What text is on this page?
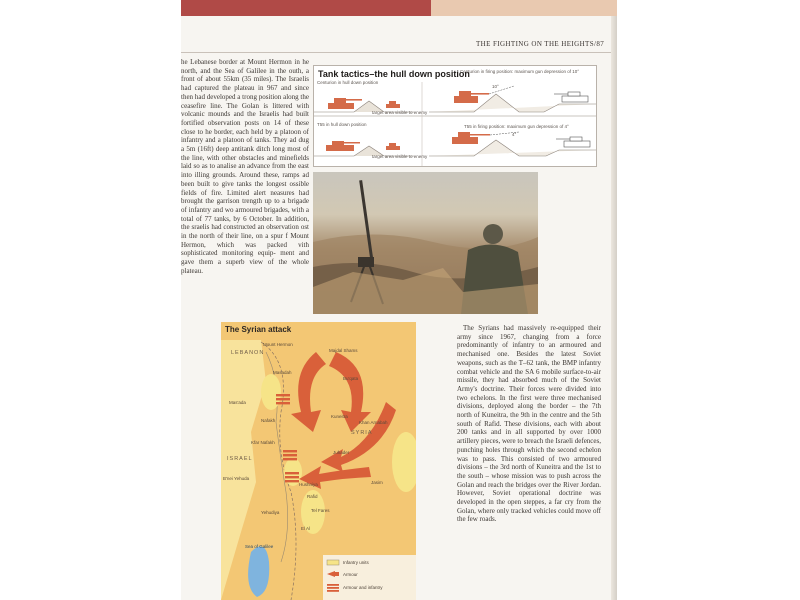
THE FIGHTING ON THE HEIGHTS/87
he Lebanese border at Mount Hermon in he north, and the Sea of Galilee in the outh, a front of about 55km (35 miles). The Israelis had captured the plateau in 967 and since then had developed a trong position along the ceasefire line. The Golan is littered with volcanic mounds and the Israelis had built fortified observation posts on 14 of these close to he border, each held by a platoon of infantry and a platoon of tanks. They ad dug a 5m (16ft) deep antitank ditch long most of the line, with other obstacles and minefields laid so as to analise an advance from the east into illing grounds. Around these, ramps ad been built to give tanks the longest ossible fields of fire. Limited alert neasures had brought the garrison trength up to a brigade of infantry and wo armoured brigades, with a total of 77 tanks, by 6 October. In addition, the sraelis had constructed an observation ost in the north of their line, on a spur f Mount Hermon, which was packed vith sophisticated monitoring equip- ment and gave them a superb view of the whole plateau.
Tank tactics–the hull down position
Centurion in hull down position
Centurion in firing position: maximum gun depression of 10°
10°
target area visible to enemy
T55 in hull down position	T55 in firing position: maximum gun depression of 4°
4°
target area visible to enemy
The Syrian attack
LEBANON
SYRIA
ISRAEL
Mount Hermon
Majdal Shams
Masadah
Mas'ada
Bu'qata
Nafakh
Kuneitra
Khan Arnabah
Juhader
Rafid
Tel Fares
Kfar Nafakh
B'nei Yehuda
El Al
Yehudiya
Hushniya	Jasim
Sea of Galilee
Infantry units
Armour
Armour and infantry
The Syrians had massively re-equipped their army since 1967, changing from a force predominantly of infantry to an armoured and mechanised one. Besides the latest Soviet weapons, such as the T–62 tank, the BMP infantry combat vehicle and the SA 6 mobile surface-to-air missile, they had absorbed much of the Soviet Army's doctrine. Their forces were divided into two echelons. In the first were three mechanised divisions, deployed along the border – the 7th north of Kuneitra, the 9th in the centre and the 5th south of Rafid. These divisions, each with about 200 tanks and in all supported by over 1000 artillery pieces, were to breach the Israeli defences, punching holes through which the second echelon was to pass. This consisted of two armoured divisions – the 3rd north of Kuneitra and the 1st to the south – whose mission was to push across the Golan and reach the bridges over the River Jordan. However, Soviet operational doctrine was developed in the open steppes, a far cry from the Golan, where only tracked vehicles could move off the few roads.
